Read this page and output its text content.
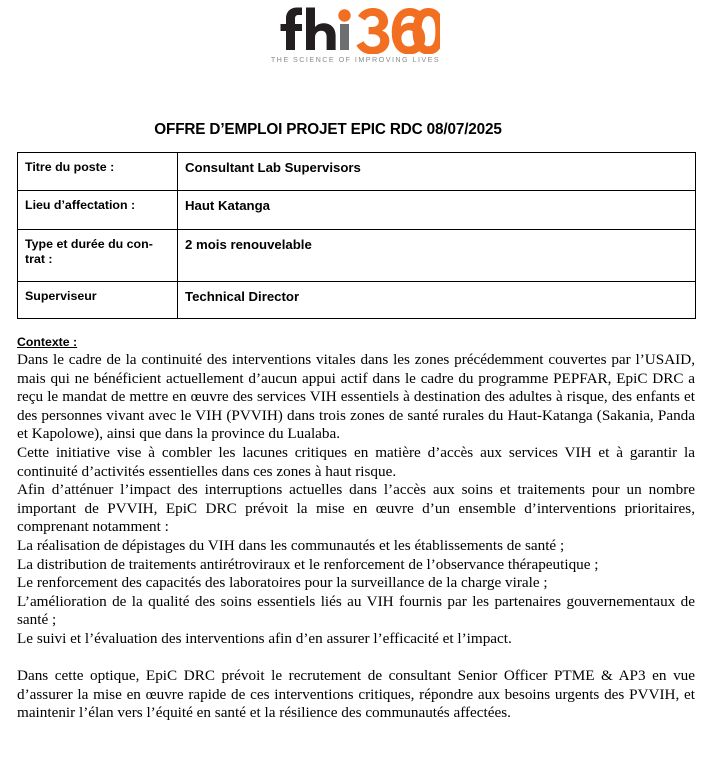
THE SCIENCE OF IMPROVING LIVES
OFFRE D’EMPLOI PROJET EPIC RDC 08/07/2025
Titre du poste :	Consultant Lab Supervisors
Lieu d’affectation :	Haut Katanga
Type et durée du con-trat :	2 mois renouvelable
Superviseur	Technical Director
Contexte :

Dans le cadre de la continuité des interventions vitales dans les zones précédemment couvertes par l’USAID, mais qui ne bénéficient actuellement d’aucun appui actif dans le cadre du programme PEPFAR, EpiC DRC a reçu le mandat de mettre en œuvre des services VIH essentiels à destination des adultes à risque, des enfants et des personnes vivant avec le VIH (PVVIH) dans trois zones de santé rurales du Haut-Katanga (Sakania, Panda et Kapolowe), ainsi que dans la province du Lualaba.

Cette initiative vise à combler les lacunes critiques en matière d’accès aux services VIH et à garantir la continuité d’activités essentielles dans ces zones à haut risque.

Afin d’atténuer l’impact des interruptions actuelles dans l’accès aux soins et traitements pour un nombre important de PVVIH, EpiC DRC prévoit la mise en œuvre d’un ensemble d’interventions prioritaires, comprenant notamment :

La réalisation de dépistages du VIH dans les communautés et les établissements de santé ;

La distribution de traitements antirétroviraux et le renforcement de l’observance thérapeutique ;

Le renforcement des capacités des laboratoires pour la surveillance de la charge virale ;

L’amélioration de la qualité des soins essentiels liés au VIH fournis par les partenaires gouvernementaux de santé ;

Le suivi et l’évaluation des interventions afin d’en assurer l’efficacité et l’impact.

Dans cette optique, EpiC DRC prévoit le recrutement de consultant Senior Officer PTME & AP3 en vue d’assurer la mise en œuvre rapide de ces interventions critiques, répondre aux besoins urgents des PVVIH, et maintenir l’élan vers l’équité en santé et la résilience des communautés affectées.
